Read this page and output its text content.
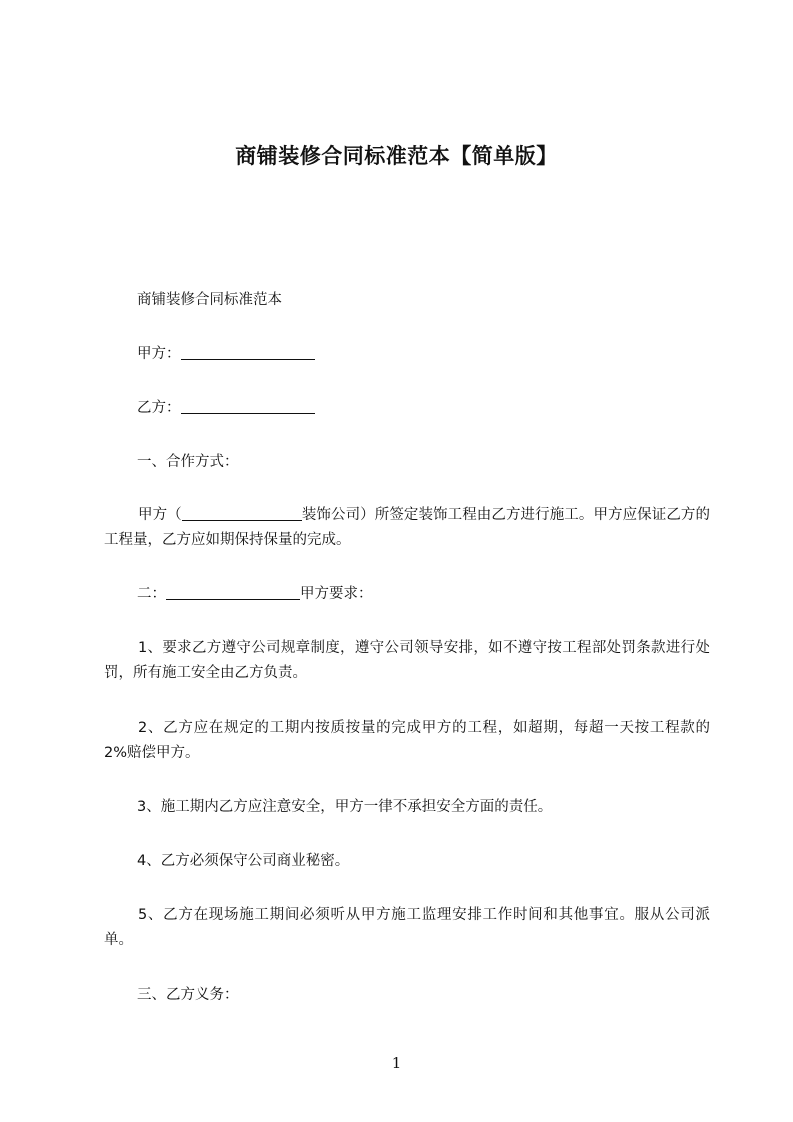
商铺装修合同标准范本【简单版】
商铺装修合同标准范本
甲方：
乙方：
一、合作方式：
甲方（	装饰公司）所签定装饰工程由乙方进行施工。甲方应保证乙方的工程量，乙方应如期保持保量的完成。
二：	甲方要求：
1、要求乙方遵守公司规章制度，遵守公司领导安排，如不遵守按工程部处罚条款进行处罚，所有施工安全由乙方负责。
2、乙方应在规定的工期内按质按量的完成甲方的工程，如超期，每超一天按工程款的 2%赔偿甲方。
3、施工期内乙方应注意安全，甲方一律不承担安全方面的责任。
4、乙方必须保守公司商业秘密。
5、乙方在现场施工期间必须听从甲方施工监理安排工作时间和其他事宜。服从公司派单。
三、乙方义务：
1
